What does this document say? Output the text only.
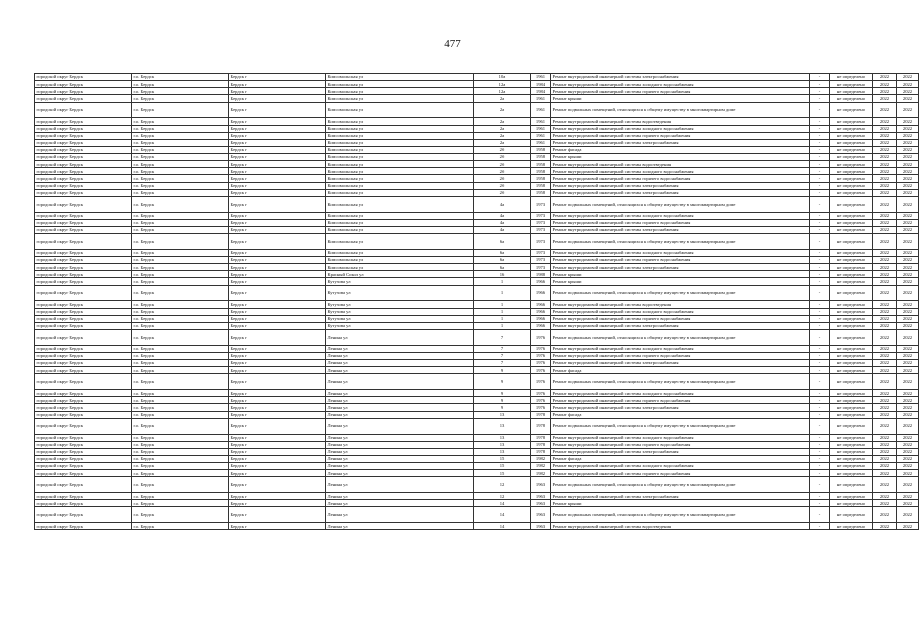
477
городской округ Бердск	г.о. Бердск	Бердск г	Комсомольская ул	10а	1961	Ремонт внутридомовой инженерной системы электроснабжения	-	не определено	2022	2022
городской округ Бердск	г.о. Бердск	Бердск г	Комсомольская ул	12а	1984	Ремонт внутридомовой инженерной системы холодного водоснабжения	-	не определено	2022	2022
городской округ Бердск	г.о. Бердск	Бердск г	Комсомольская ул	12а	1984	Ремонт внутридомовой инженерной системы горячего водоснабжения	-	не определено	2022	2022
городской округ Бердск	г.о. Бердск	Бердск г	Комсомольская ул	2а	1961	Ремонт крыши	-	не определено	2022	2022
городской округ Бердск	г.о. Бердск	Бердск г	Комсомольская ул	2а	1961	Ремонт подвальных помещений, относящихся к общему имуществу в многоквартирном доме	-	не определено	2022	2022
городской округ Бердск	г.о. Бердск	Бердск г	Комсомольская ул	2а	1961	Ремонт внутридомовой инженерной системы водоотведения	-	не определено	2022	2022
городской округ Бердск	г.о. Бердск	Бердск г	Комсомольская ул	2а	1961	Ремонт внутридомовой инженерной системы холодного водоснабжения	-	не определено	2022	2022
городской округ Бердск	г.о. Бердск	Бердск г	Комсомольская ул	2а	1961	Ремонт внутридомовой инженерной системы горячего водоснабжения	-	не определено	2022	2022
городской округ Бердск	г.о. Бердск	Бердск г	Комсомольская ул	2а	1961	Ремонт внутридомовой инженерной системы электроснабжения	-	не определено	2022	2022
городской округ Бердск	г.о. Бердск	Бердск г	Комсомольская ул	2б	1958	Ремонт фасада	-	не определено	2022	2022
городской округ Бердск	г.о. Бердск	Бердск г	Комсомольская ул	2б	1958	Ремонт крыши	-	не определено	2022	2022
городской округ Бердск	г.о. Бердск	Бердск г	Комсомольская ул	2б	1958	Ремонт внутридомовой инженерной системы водоотведения	-	не определено	2022	2022
городской округ Бердск	г.о. Бердск	Бердск г	Комсомольская ул	2б	1958	Ремонт внутридомовой инженерной системы холодного водоснабжения	-	не определено	2022	2022
городской округ Бердск	г.о. Бердск	Бердск г	Комсомольская ул	2б	1958	Ремонт внутридомовой инженерной системы горячего водоснабжения	-	не определено	2022	2022
городской округ Бердск	г.о. Бердск	Бердск г	Комсомольская ул	2б	1958	Ремонт внутридомовой инженерной системы электроснабжения	-	не определено	2022	2022
городской округ Бердск	г.о. Бердск	Бердск г	Комсомольская ул	2б	1958	Ремонт внутридомовой инженерной системы электроснабжения	-	не определено	2022	2022
городской округ Бердск	г.о. Бердск	Бердск г	Комсомольская ул	4а	1973	Ремонт подвальных помещений, относящихся к общему имуществу в многоквартирном доме	-	не определено	2022	2022
городской округ Бердск	г.о. Бердск	Бердск г	Комсомольская ул	4а	1973	Ремонт внутридомовой инженерной системы холодного водоснабжения	-	не определено	2022	2022
городской округ Бердск	г.о. Бердск	Бердск г	Комсомольская ул	4а	1973	Ремонт внутридомовой инженерной системы горячего водоснабжения	-	не определено	2022	2022
городской округ Бердск	г.о. Бердск	Бердск г	Комсомольская ул	4а	1973	Ремонт внутридомовой инженерной системы электроснабжения	-	не определено	2022	2022
городской округ Бердск	г.о. Бердск	Бердск г	Комсомольская ул	6а	1973	Ремонт подвальных помещений, относящихся к общему имуществу в многоквартирном доме	-	не определено	2022	2022
городской округ Бердск	г.о. Бердск	Бердск г	Комсомольская ул	6а	1973	Ремонт внутридомовой инженерной системы холодного водоснабжения	-	не определено	2022	2022
городской округ Бердск	г.о. Бердск	Бердск г	Комсомольская ул	6а	1973	Ремонт внутридомовой инженерной системы горячего водоснабжения	-	не определено	2022	2022
городской округ Бердск	г.о. Бердск	Бердск г	Комсомольская ул	6а	1973	Ремонт внутридомовой инженерной системы электроснабжения	-	не определено	2022	2022
городской округ Бердск	г.о. Бердск	Бердск г	Красный Сокол ул	16	1988	Ремонт крыши	-	не определено	2022	2022
городской округ Бердск	г.о. Бердск	Бердск г	Кутузова ул	1	1966	Ремонт крыши	-	не определено	2022	2022
городской округ Бердск	г.о. Бердск	Бердск г	Кутузова ул	1	1966	Ремонт подвальных помещений, относящихся к общему имуществу в многоквартирном доме	-	не определено	2022	2022
городской округ Бердск	г.о. Бердск	Бердск г	Кутузова ул	1	1966	Ремонт внутридомовой инженерной системы водоотведения	-	не определено	2022	2022
городской округ Бердск	г.о. Бердск	Бердск г	Кутузова ул	1	1966	Ремонт внутридомовой инженерной системы холодного водоснабжения	-	не определено	2022	2022
городской округ Бердск	г.о. Бердск	Бердск г	Кутузова ул	1	1966	Ремонт внутридомовой инженерной системы горячего водоснабжения	-	не определено	2022	2022
городской округ Бердск	г.о. Бердск	Бердск г	Кутузова ул	1	1966	Ремонт внутридомовой инженерной системы электроснабжения	-	не определено	2022	2022
городской округ Бердск	г.о. Бердск	Бердск г	Ленина ул	7	1976	Ремонт подвальных помещений, относящихся к общему имуществу в многоквартирном доме	-	не определено	2022	2022
городской округ Бердск	г.о. Бердск	Бердск г	Ленина ул	7	1976	Ремонт внутридомовой инженерной системы холодного водоснабжения	-	не определено	2022	2022
городской округ Бердск	г.о. Бердск	Бердск г	Ленина ул	7	1976	Ремонт внутридомовой инженерной системы горячего водоснабжения	-	не определено	2022	2022
городской округ Бердск	г.о. Бердск	Бердск г	Ленина ул	7	1976	Ремонт внутридомовой инженерной системы электроснабжения	-	не определено	2022	2022
городской округ Бердск	г.о. Бердск	Бердск г	Ленина ул	9	1976	Ремонт фасада	-	не определено	2022	2022
городской округ Бердск	г.о. Бердск	Бердск г	Ленина ул	9	1976	Ремонт подвальных помещений, относящихся к общему имуществу в многоквартирном доме	-	не определено	2022	2022
городской округ Бердск	г.о. Бердск	Бердск г	Ленина ул	9	1976	Ремонт внутридомовой инженерной системы холодного водоснабжения	-	не определено	2022	2022
городской округ Бердск	г.о. Бердск	Бердск г	Ленина ул	9	1976	Ремонт внутридомовой инженерной системы горячего водоснабжения	-	не определено	2022	2022
городской округ Бердск	г.о. Бердск	Бердск г	Ленина ул	9	1976	Ремонт внутридомовой инженерной системы электроснабжения	-	не определено	2022	2022
городской округ Бердск	г.о. Бердск	Бердск г	Ленина ул	13	1978	Ремонт фасада	-	не определено	2022	2022
городской округ Бердск	г.о. Бердск	Бердск г	Ленина ул	13	1978	Ремонт подвальных помещений, относящихся к общему имуществу в многоквартирном доме	-	не определено	2022	2022
городской округ Бердск	г.о. Бердск	Бердск г	Ленина ул	13	1978	Ремонт внутридомовой инженерной системы холодного водоснабжения	-	не определено	2022	2022
городской округ Бердск	г.о. Бердск	Бердск г	Ленина ул	13	1978	Ремонт внутридомовой инженерной системы горячего водоснабжения	-	не определено	2022	2022
городской округ Бердск	г.о. Бердск	Бердск г	Ленина ул	13	1978	Ремонт внутридомовой инженерной системы электроснабжения	-	не определено	2022	2022
городской округ Бердск	г.о. Бердск	Бердск г	Ленина ул	15	1982	Ремонт фасада	-	не определено	2022	2022
городской округ Бердск	г.о. Бердск	Бердск г	Ленина ул	15	1982	Ремонт внутридомовой инженерной системы холодного водоснабжения	-	не определено	2022	2022
городской округ Бердск	г.о. Бердск	Бердск г	Ленина ул	15	1982	Ремонт внутридомовой инженерной системы горячего водоснабжения	-	не определено	2022	2022
городской округ Бердск	г.о. Бердск	Бердск г	Ленина ул	12	1963	Ремонт подвальных помещений, относящихся к общему имуществу в многоквартирном доме	-	не определено	2022	2022
городской округ Бердск	г.о. Бердск	Бердск г	Ленина ул	12	1963	Ремонт внутридомовой инженерной системы электроснабжения	-	не определено	2022	2022
городской округ Бердск	г.о. Бердск	Бердск г	Ленина ул	14	1963	Ремонт крыши	-	не определено	2022	2022
городской округ Бердск	г.о. Бердск	Бердск г	Ленина ул	14	1963	Ремонт подвальных помещений, относящихся к общему имуществу в многоквартирном доме	-	не определено	2022	2022
городской округ Бердск	г.о. Бердск	Бердск г	Ленина ул	14	1963	Ремонт внутридомовой инженерной системы водоотведения	-	не определено	2022	2022
